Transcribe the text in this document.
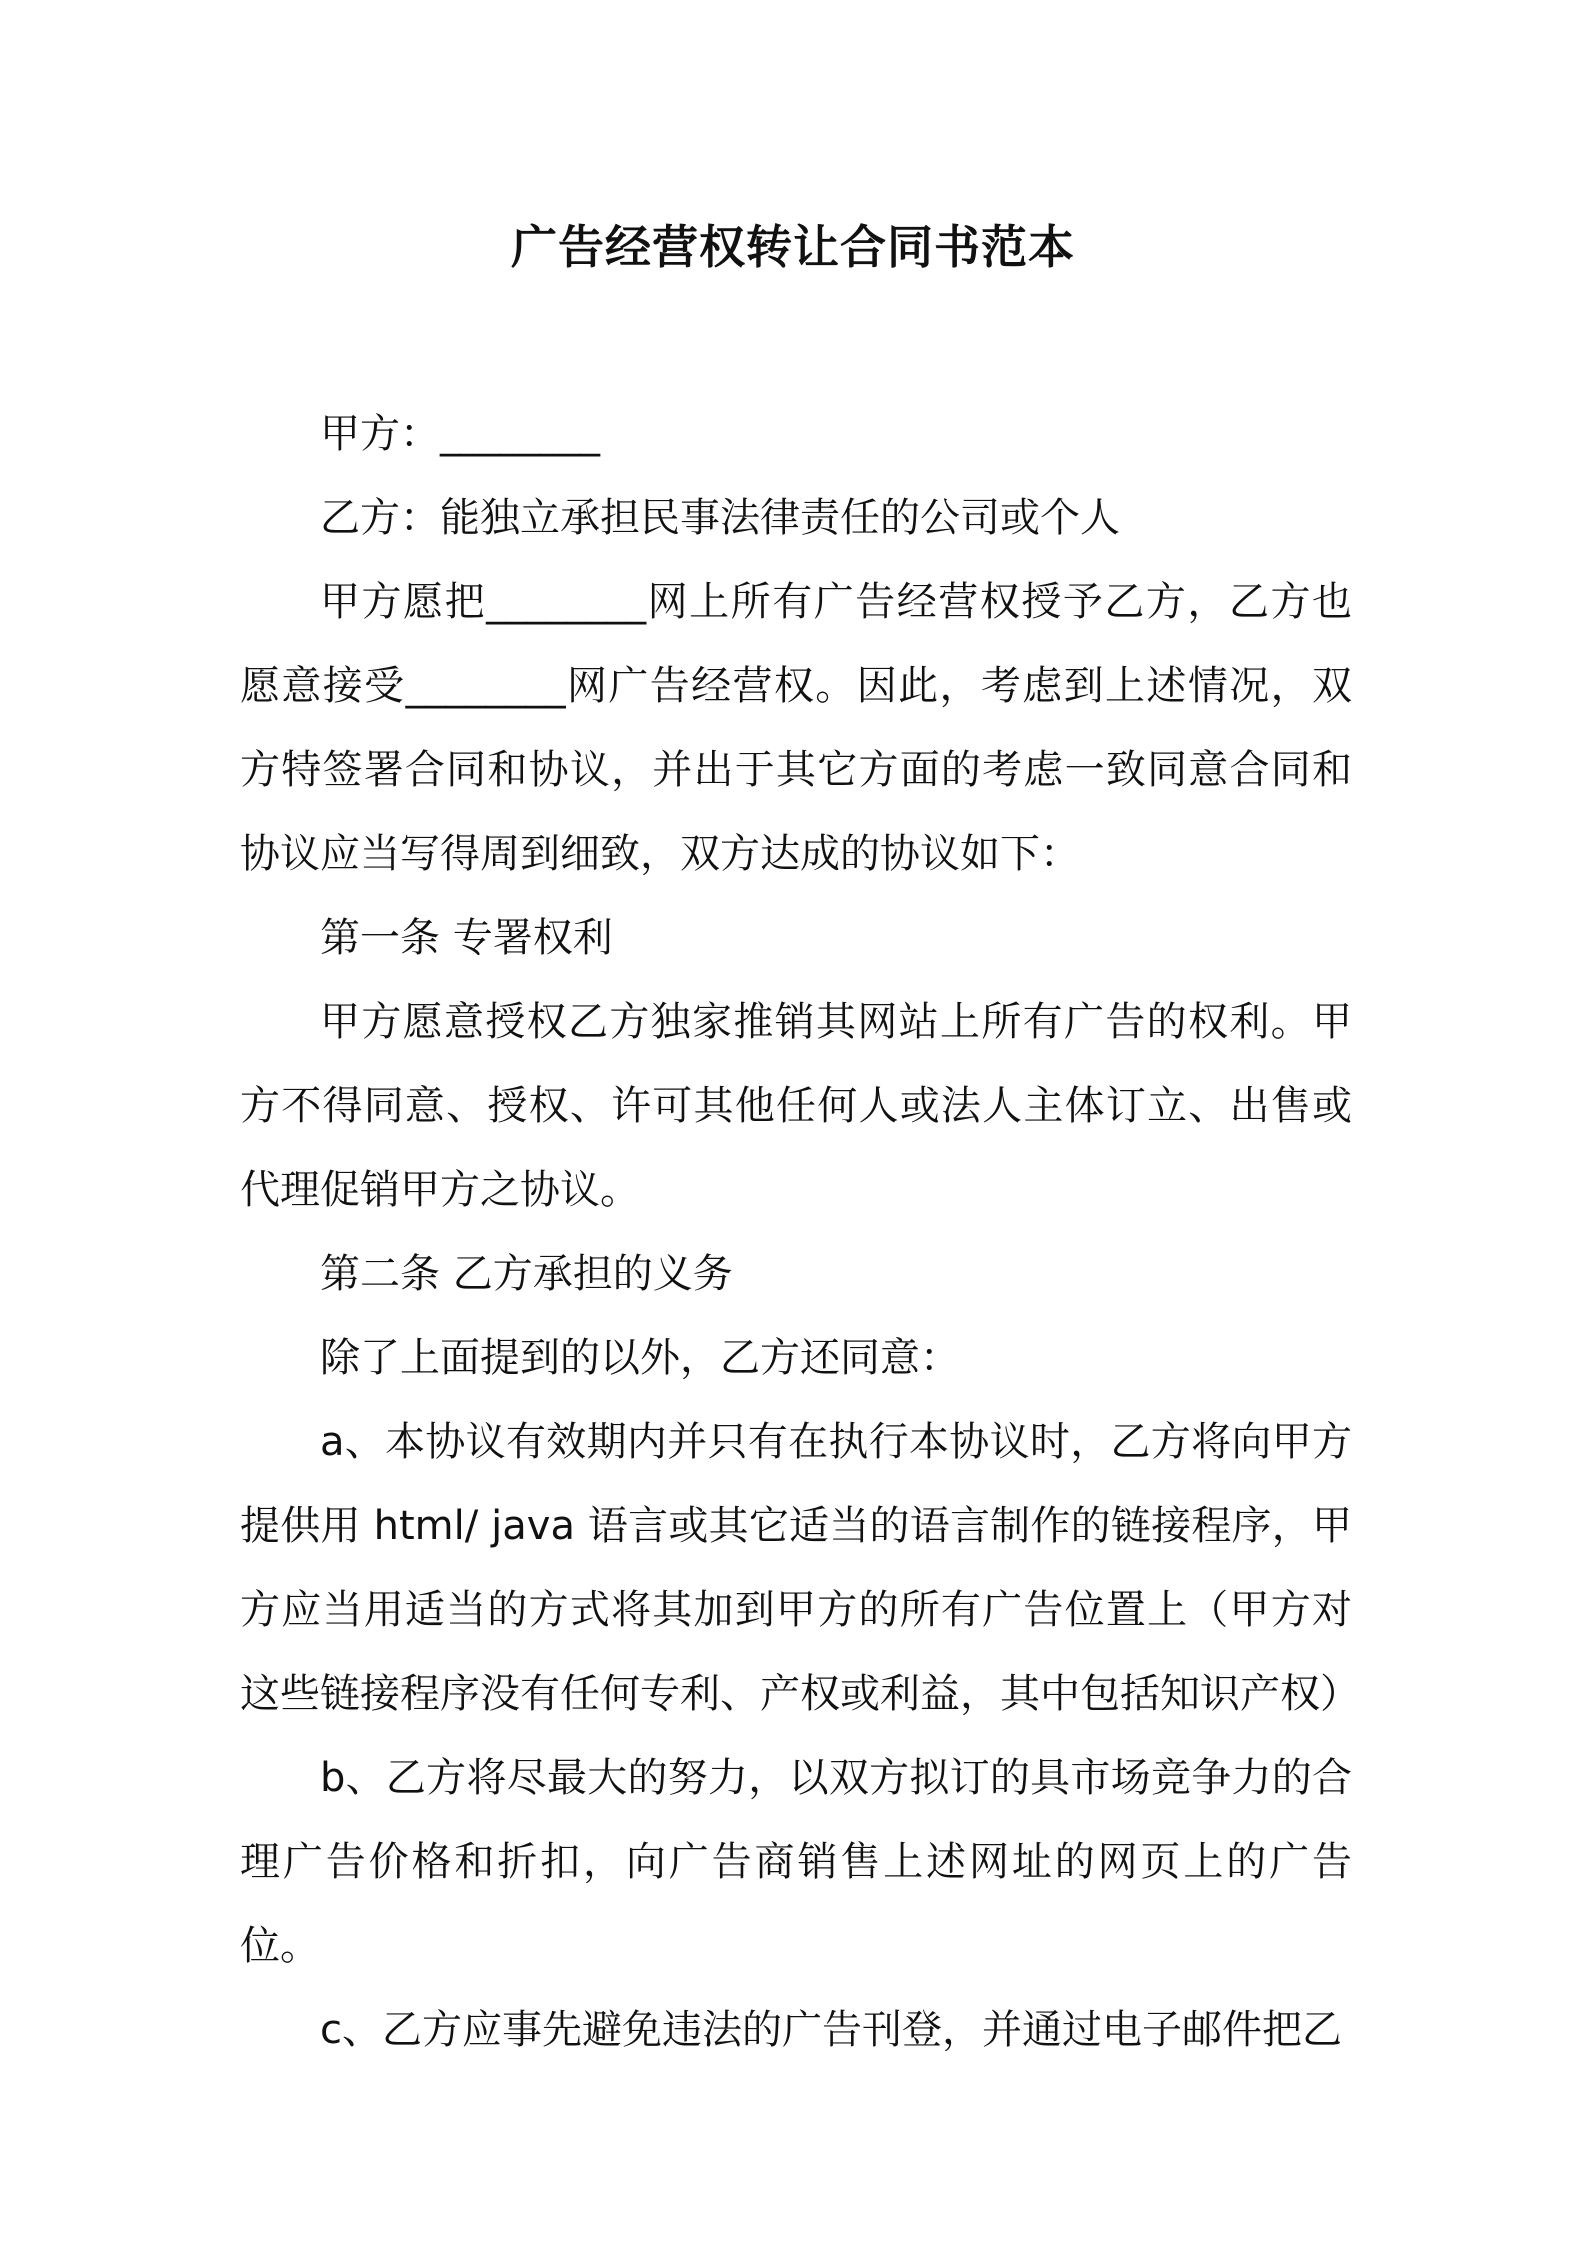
广告经营权转让合同书范本

甲方：________

乙方：能独立承担民事法律责任的公司或个人

甲方愿把________网上所有广告经营权授予乙方，乙方也愿意接受________网广告经营权。因此，考虑到上述情况，双方特签署合同和协议，并出于其它方面的考虑一致同意合同和协议应当写得周到细致，双方达成的协议如下：

第一条 专署权利

甲方愿意授权乙方独家推销其网站上所有广告的权利。甲方不得同意、授权、许可其他任何人或法人主体订立、出售或代理促销甲方之协议。

第二条 乙方承担的义务

除了上面提到的以外，乙方还同意：

a、本协议有效期内并只有在执行本协议时，乙方将向甲方提供用 html/ java 语言或其它适当的语言制作的链接程序，甲方应当用适当的方式将其加到甲方的所有广告位置上（甲方对这些链接程序没有任何专利、产权或利益，其中包括知识产权）

b、乙方将尽最大的努力，以双方拟订的具市场竞争力的合理广告价格和折扣，向广告商销售上述网址的网页上的广告位。

c、乙方应事先避免违法的广告刊登，并通过电子邮件把乙
